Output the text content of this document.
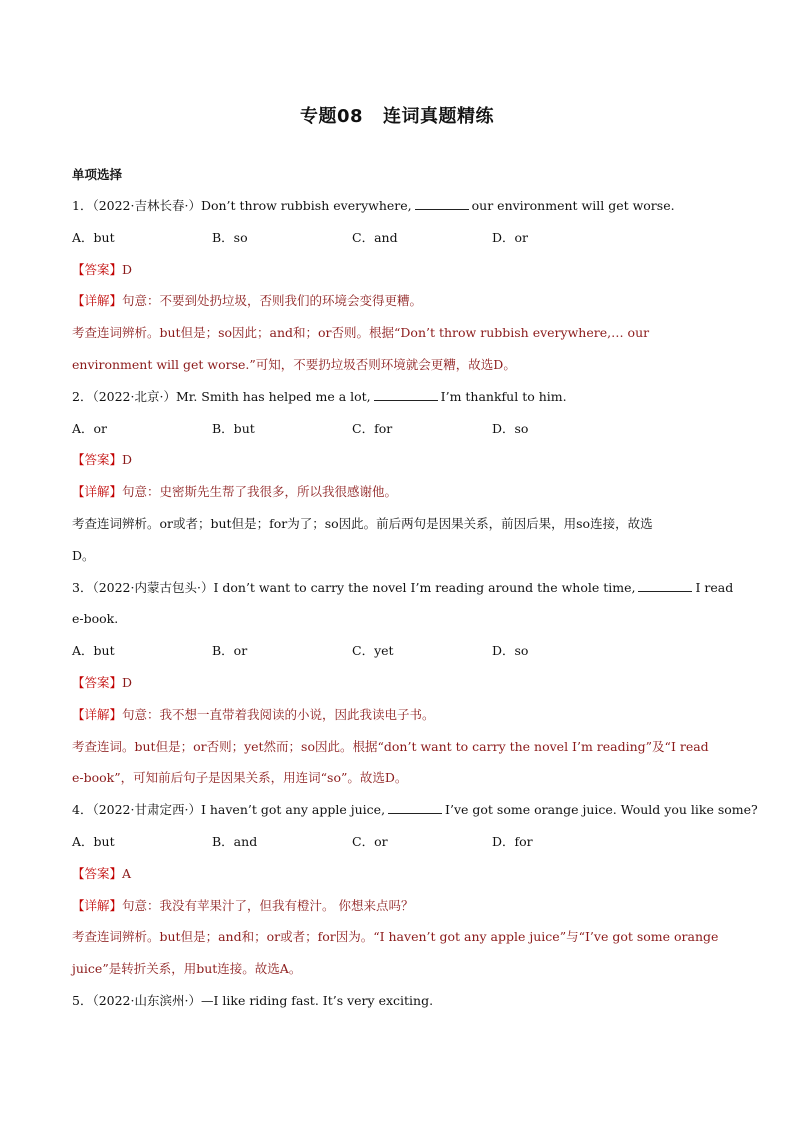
专题08 连词真题精练
单项选择
1．（2022·吉林长春·）Don’t throw rubbish everywhere,	our environment will get worse.
A．but	B．so	C．and	D．or
【答案】D
【详解】句意：不要到处扔垃圾，否则我们的环境会变得更糟。
考查连词辨析。but但是；so因此；and和；or否则。根据“Don’t throw rubbish everywhere,… our
environment will get worse.”可知，不要扔垃圾否则环境就会更糟，故选D。
2．（2022·北京·）Mr. Smith has helped me a lot,	I’m thankful to him.
A．or	B．but	C．for	D．so
【答案】D
【详解】句意：史密斯先生帮了我很多，所以我很感谢他。
考查连词辨析。or或者；but但是；for为了；so因此。前后两句是因果关系，前因后果，用so连接，故选
D。
3．（2022·内蒙古包头·）I don’t want to carry the novel I’m reading around the whole time,	I read
e-book.
A．but	B．or	C．yet	D．so
【答案】D
【详解】句意：我不想一直带着我阅读的小说，因此我读电子书。
考查连词。but但是；or否则；yet然而；so因此。根据“don’t want to carry the novel I’m reading”及“I read
e-book”，可知前后句子是因果关系，用连词“so”。故选D。
4．（2022·甘肃定西·）I haven’t got any apple juice,	I’ve got some orange juice. Would you like some?
A．but	B．and	C．or	D．for
【答案】A
【详解】句意：我没有苹果汁了，但我有橙汁。 你想来点吗？
考查连词辨析。but但是；and和；or或者；for因为。“I haven’t got any apple juice”与“I’ve got some orange
juice”是转折关系，用but连接。故选A。
5．（2022·山东滨州·）—I like riding fast. It’s very exciting.
